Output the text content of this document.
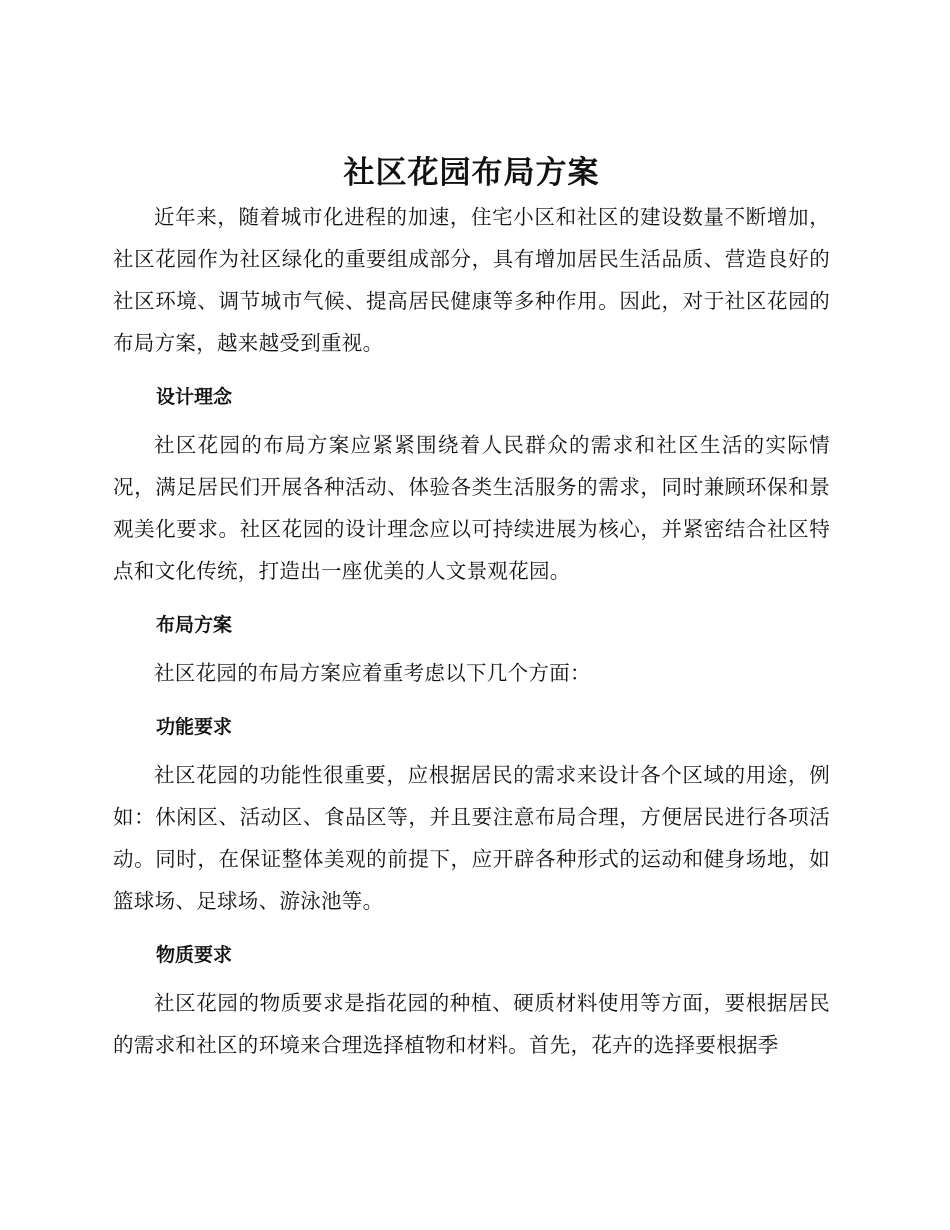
社区花园布局方案

近年来，随着城市化进程的加速，住宅小区和社区的建设数量不断增加，社区花园作为社区绿化的重要组成部分，具有增加居民生活品质、营造良好的社区环境、调节城市气候、提高居民健康等多种作用。因此，对于社区花园的布局方案，越来越受到重视。

设计理念

社区花园的布局方案应紧紧围绕着人民群众的需求和社区生活的实际情况，满足居民们开展各种活动、体验各类生活服务的需求，同时兼顾环保和景观美化要求。社区花园的设计理念应以可持续进展为核心，并紧密结合社区特点和文化传统，打造出一座优美的人文景观花园。

布局方案

社区花园的布局方案应着重考虑以下几个方面：

功能要求

社区花园的功能性很重要，应根据居民的需求来设计各个区域的用途，例如：休闲区、活动区、食品区等，并且要注意布局合理，方便居民进行各项活动。同时，在保证整体美观的前提下，应开辟各种形式的运动和健身场地，如篮球场、足球场、游泳池等。

物质要求

社区花园的物质要求是指花园的种植、硬质材料使用等方面，要根据居民的需求和社区的环境来合理选择植物和材料。首先，花卉的选择要根据季
